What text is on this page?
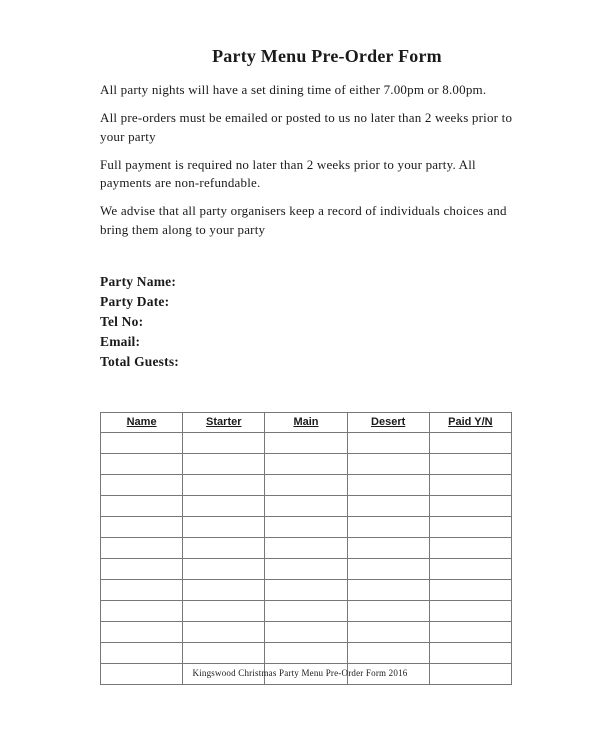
Party Menu Pre-Order Form

All party nights will have a set dining time of either 7.00pm or 8.00pm.

All pre-orders must be emailed or posted to us no later than 2 weeks prior to your party

Full payment is required no later than 2 weeks prior to your party. All payments are non-refundable.

We advise that all party organisers keep a record of individuals choices and bring them along to your party

Party Name:
Party Date:
Tel No:
Email:
Total Guests:
Name	Starter	Main	Desert	Paid Y/N

Kingswood Christmas Party Menu Pre-Order Form 2016
